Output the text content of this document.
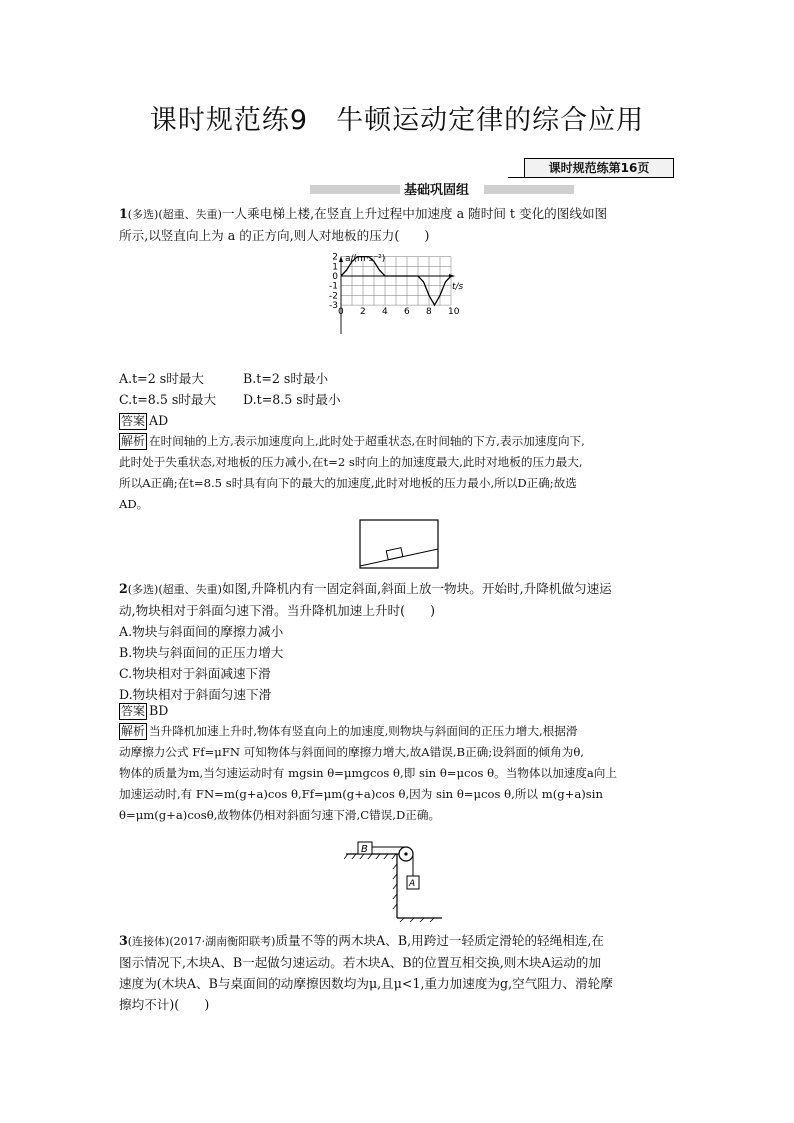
课时规范练9　牛顿运动定律的综合应用
课时规范练第16页
基础巩固组
1(多选)(超重、失重)一人乘电梯上楼,在竖直上升过程中加速度 a 随时间 t 变化的图线如图
所示,以竖直向上为 a 的正方向,则人对地板的压力(　　)
a/(m·s⁻²)
t/s
0 2 4 6 8 10
2
1
0
-1
-2
-3
A.t=2 s时最大	B.t=2 s时最小
C.t=8.5 s时最大 D.t=8.5 s时最小
答案 AD
解析 在时间轴的上方,表示加速度向上,此时处于超重状态,在时间轴的下方,表示加速度向下,
此时处于失重状态,对地板的压力减小,在t=2 s时向上的加速度最大,此时对地板的压力最大,
所以A正确;在t=8.5 s时具有向下的最大的加速度,此时对地板的压力最小,所以D正确;故选
AD。
2(多选)(超重、失重)如图,升降机内有一固定斜面,斜面上放一物块。开始时,升降机做匀速运
动,物块相对于斜面匀速下滑。当升降机加速上升时(　　)
A.物块与斜面间的摩擦力减小
B.物块与斜面间的正压力增大
C.物块相对于斜面减速下滑
D.物块相对于斜面匀速下滑
答案 BD
解析 当升降机加速上升时,物体有竖直向上的加速度,则物块与斜面间的正压力增大,根据滑
动摩擦力公式 Ff=μFN 可知物体与斜面间的摩擦力增大,故A错误,B正确;设斜面的倾角为θ,
物体的质量为m,当匀速运动时有 mgsin θ=μmgcos θ,即 sin θ=μcos θ。当物体以加速度a向上
加速运动时,有 FN=m(g+a)cos θ,Ff=μm(g+a)cos θ,因为 sin θ=μcos θ,所以 m(g+a)sin
θ=μm(g+a)cosθ,故物体仍相对斜面匀速下滑,C错误,D正确。
B
A
3(连接体)(2017·湖南衡阳联考)质量不等的两木块A、B,用跨过一轻质定滑轮的轻绳相连,在
图示情况下,木块A、B一起做匀速运动。若木块A、B的位置互相交换,则木块A运动的加
速度为(木块A、B与桌面间的动摩擦因数均为μ,且μ<1,重力加速度为g,空气阻力、滑轮摩
擦均不计)(　　)
